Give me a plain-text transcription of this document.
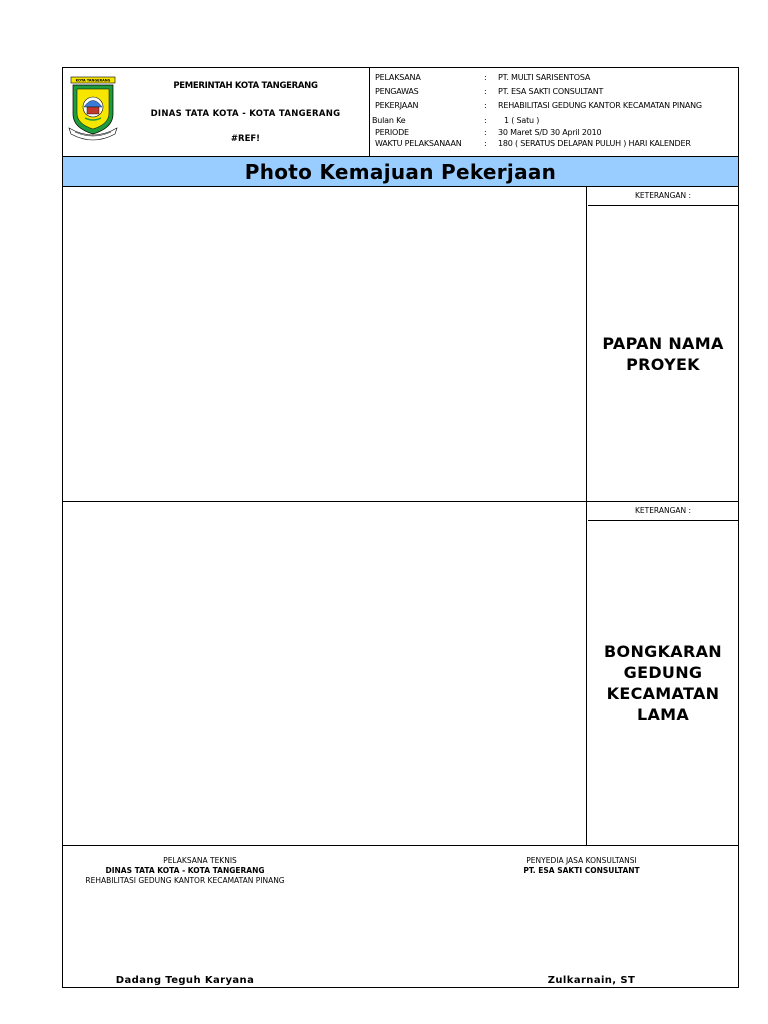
KOTA TANGERANG
PEMERINTAH KOTA TANGERANG
DINAS TATA KOTA - KOTA TANGERANG
#REF!
PELAKSANA	: PT. MULTI SARISENTOSA
PENGAWAS	: PT. ESA SAKTI CONSULTANT
PEKERJAAN	: REHABILITASI GEDUNG KANTOR KECAMATAN PINANG
Bulan Ke	: 1 ( Satu )
PERIODE	: 30 Maret S/D 30 April 2010
WAKTU PELAKSANAAN	: 180 ( SERATUS DELAPAN PULUH ) HARI KALENDER
Photo Kemajuan Pekerjaan
KETERANGAN :
PAPAN NAMA
PROYEK
KETERANGAN :
BONGKARAN
GEDUNG
KECAMATAN
LAMA
PELAKSANA TEKNIS
DINAS TATA KOTA - KOTA TANGERANG
REHABILITASI GEDUNG KANTOR KECAMATAN PINANG
Dadang Teguh Karyana
PENYEDIA JASA KONSULTANSI
PT. ESA SAKTI CONSULTANT
Zulkarnain, ST
